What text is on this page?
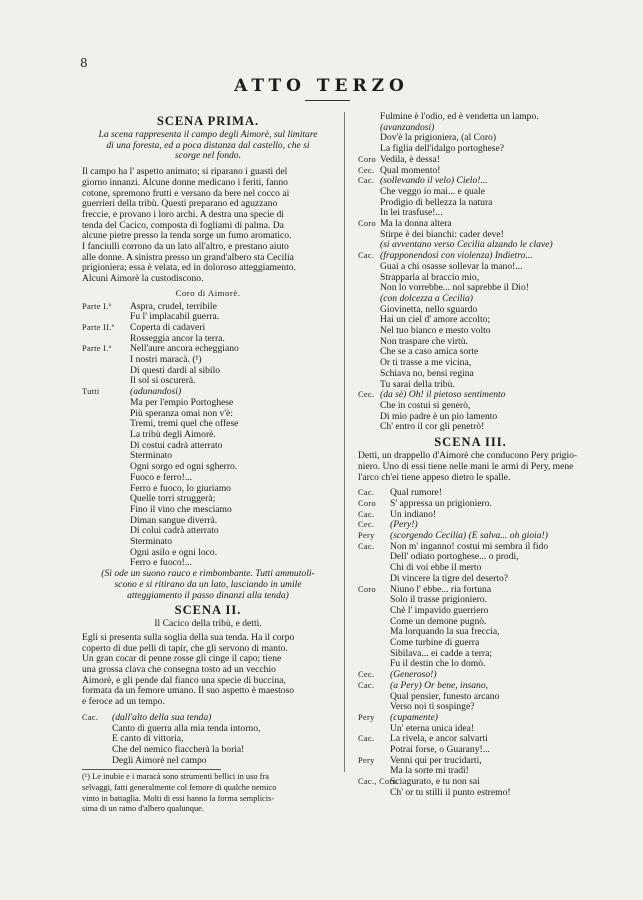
8
ATTO TERZO
SCENA PRIMA.
La scena rappresenta il campo degli Aimorè, sul limitare
di una foresta, ed a poca distanza dal castello, che si
scorge nel fondo.
Il campo ha l' aspetto animato; si riparano i guasti del
giorno innanzi. Alcune donne medicano i feriti, fanno
cotone, spremono frutti e versano da bere nel cocco ai
guerrieri della tribù. Questi preparano ed aguzzano
freccie, e provano i loro archi. A destra una specie di
tenda del Cacico, composta di fogliami di palma. Da
alcune pietre presso la tenda sorge un fumo aromatico.
I fanciulli corrono da un lato all'altro, e prestano aiuto
alle donne. A sinistra presso un grand'albero sta Cecilia
prigioniera; essa è velata, ed in doloroso atteggiamento.
Alcuni Aimorè la custodiscono.
Coro di Aimorè.
Parte I.ª Aspra, crudel, terribile
Fu l' implacabil guerra.
Parte II.ª Coperta di cadaveri
Rosseggia ancor la terra.
Parte I.ª Nell'aure ancora echeggiano
I nostri maracà. (¹)
Di questi dardi al sibilo
Il sol si oscurerà.
Tutti	(adunandosi)
Ma per l'empio Portoghese
Più speranza omai non v'è:
Tremi, tremi quel che offese
La tribù degli Aimorè.
Di costui cadrà atterrato
Sterminato
Ogni sorgo ed ogni sgherro.
Fuoco e ferro!...
Ferro e fuoco, lo giuriamo
Quelle torri struggerà;
Fino il vino che mesciamo
Diman sangue diverrà.
Di colui cadrà atterrato
Sterminato
Ogni asilo e ogni loco.
Ferro e fuoco!...
(Si ode un suono rauco e rimbombante. Tutti ammutoli-
scono e si ritirano da un lato, lasciando in umile
atteggiamento il passo dinanzi alla tenda)
SCENA II.
Il Cacico della tribù, e detti.
Egli si presenta sulla soglia della sua tenda. Ha il corpo
coperto di due pelli di tapir, che gli servono di manto.
Un gran cocar di penne rosse gli cinge il capo; tiene
una grossa clava che consegna tosto ad un vecchio
Aimorè, e gli pende dal fianco una specie di buccina,
formata da un femore umano. Il suo aspetto è maestoso
e feroce ad un tempo.
Cac. (dall'alto della sua tenda)
Canto di guerra alla mia tenda intorno,
E canto di vittoria,
Che del nemico fiaccherà la boria!
Degli Aimorè nel campo
(¹) Le inubie e i maracà sono strumenti bellici in uso fra
selvaggi, fatti generalmente col femore di qualche nemico
vinto in battaglia. Molti di essi hanno la forma semplicis-
sima di un ramo d'albero qualunque.
Fulmine è l'odio, ed è vendetta un lampo.
(avanzandosi)
Dov'è la prigioniera, (al Coro)
La figlia dell'idalgo portoghese?
Coro Vedila, è dessa!
Cec. Qual momento!
Cac. (sollevando il velo) Cielo!...
Che veggo io mai... e quale
Prodigio di bellezza la natura
In lei trasfuse!...
Coro Ma la donna altera
Stirpe è dei bianchi: cader deve!
(si avventano verso Cecilia alzando le clave)
Cac. (frapponendosi con violenza) Indietro...
Guai a chi osasse sollevar la mano!...
Strapparla al braccio mio,
Non lo vorrebbe... nol saprebbe il Dio!
(con dolcezza a Cecilia)
Giovinetta, nello sguardo
Hai un ciel d' amore accolto;
Nel tuo bianco e mesto volto
Non traspare che virtù.
Che se a caso amica sorte
Or ti trasse a me vicina,
Schiava no, bensì regina
Tu sarai della tribù.
Cec. (da sè) Oh! il pietoso sentimento
Che in costui si generò,
Di mio padre è un pio lamento
Ch' entro il cor gli penetrò!
SCENA III.
Detti, un drappello d'Aimorè che conducono Pery prigio-
niero. Uno di essi tiene nelle mani le armi di Pery, mene
l'arco ch'ei tiene appeso dietro le spalle.
Cac. Qual rumore!
Coro S' appressa un prigioniero.
Cac. Un indiano!
Cec. (Pery!)
Pery (scorgendo Cecilia) (È salva... oh gioia!)
Cac. Non m' inganno! costui mi sembra il fido
Dell' odiato portoghese... o prodi,
Chi di voi ebbe il merto
Di vincere la tigre del deserto?
Coro Niuno l' ebbe... ria fortuna
Solo il trasse prigioniero.
Chè l' impavido guerriero
Come un demone pugnò.
Ma lorquando la sua freccia,
Come turbine di guerra
Sibilava... ei cadde a terra;
Fu il destin che lo domò.
Cec. (Generoso!)
Cac. (a Pery) Or bene, insano,
Qual pensier, funesto arcano
Verso noi ti sospinge?
Pery (cupamente)
Un' eterna unica idea!
Cac. La rivela, e ancor salvarti
Potrai forse, o Guarany!...
Pery Venni qui per trucidarti,
Ma la sorte mi tradì!
Cac., Coro
Sciagurato, e tu non sai
Ch' or tu stilli il punto estremo!
